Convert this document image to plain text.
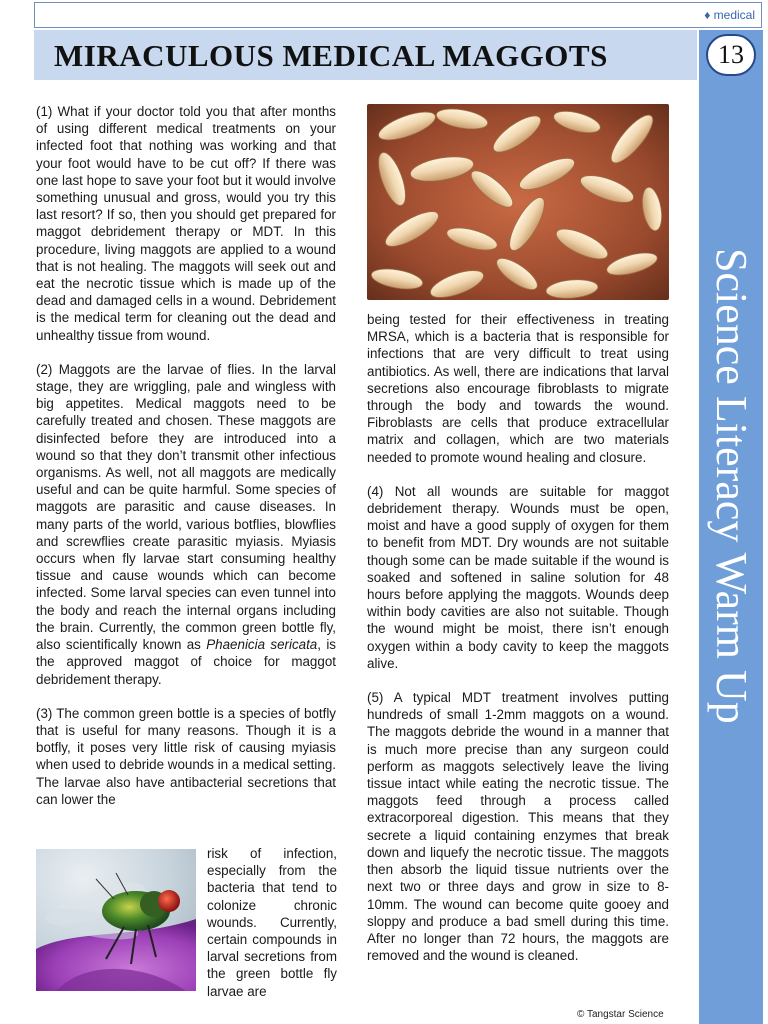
♦ medical
MIRACULOUS MEDICAL MAGGOTS	13
Science Literacy Warm Up

(1) What if your doctor told you that after months of using different medical treatments on your infected foot that nothing was working and that your foot would have to be cut off? If there was one last hope to save your foot but it would involve something unusual and gross, would you try this last resort? If so, then you should get prepared for maggot debridement therapy or MDT. In this procedure, living maggots are applied to a wound that is not healing. The maggots will seek out and eat the necrotic tissue which is made up of the dead and damaged cells in a wound. Debridement is the medical term for cleaning out the dead and unhealthy tissue from wound.

(2) Maggots are the larvae of flies. In the larval stage, they are wriggling, pale and wingless with big appetites. Medical maggots need to be carefully treated and chosen. These maggots are disinfected before they are introduced into a wound so that they don’t transmit other infectious organisms. As well, not all maggots are medically useful and can be quite harmful. Some species of maggots are parasitic and cause diseases. In many parts of the world, various botflies, blowflies and screwflies create parasitic myiasis. Myiasis occurs when fly larvae start consuming healthy tissue and cause wounds which can become infected. Some larval species can even tunnel into the body and reach the internal organs including the brain. Currently, the common green bottle fly, also scientifically known as Phaenicia sericata, is the approved maggot of choice for maggot debridement therapy.

(3) The common green bottle is a species of botfly that is useful for many reasons. Though it is a botfly, it poses very little risk of causing myiasis when used to debride wounds in a medical setting. The larvae also have antibacterial secretions that can lower the

risk of infection, especially from the bacteria that tend to colonize chronic wounds. Currently, certain compounds in larval secretions from the green bottle fly larvae are

being tested for their effectiveness in treating MRSA, which is a bacteria that is responsible for infections that are very difficult to treat using antibiotics. As well, there are indications that larval secretions also encourage fibroblasts to migrate through the body and towards the wound. Fibroblasts are cells that produce extracellular matrix and collagen, which are two materials needed to promote wound healing and closure.

(4) Not all wounds are suitable for maggot debridement therapy. Wounds must be open, moist and have a good supply of oxygen for them to benefit from MDT. Dry wounds are not suitable though some can be made suitable if the wound is soaked and softened in saline solution for 48 hours before applying the maggots. Wounds deep within body cavities are also not suitable. Though the wound might be moist, there isn’t enough oxygen within a body cavity to keep the maggots alive.

(5) A typical MDT treatment involves putting hundreds of small 1-2mm maggots on a wound. The maggots debride the wound in a manner that is much more precise than any surgeon could perform as maggots selectively leave the living tissue intact while eating the necrotic tissue. The maggots feed through a process called extracorporeal digestion. This means that they secrete a liquid containing enzymes that break down and liquefy the necrotic tissue. The maggots then absorb the liquid tissue nutrients over the next two or three days and grow in size to 8-10mm. The wound can become quite gooey and sloppy and produce a bad smell during this time. After no longer than 72 hours, the maggots are removed and the wound is cleaned.

© Tangstar Science
